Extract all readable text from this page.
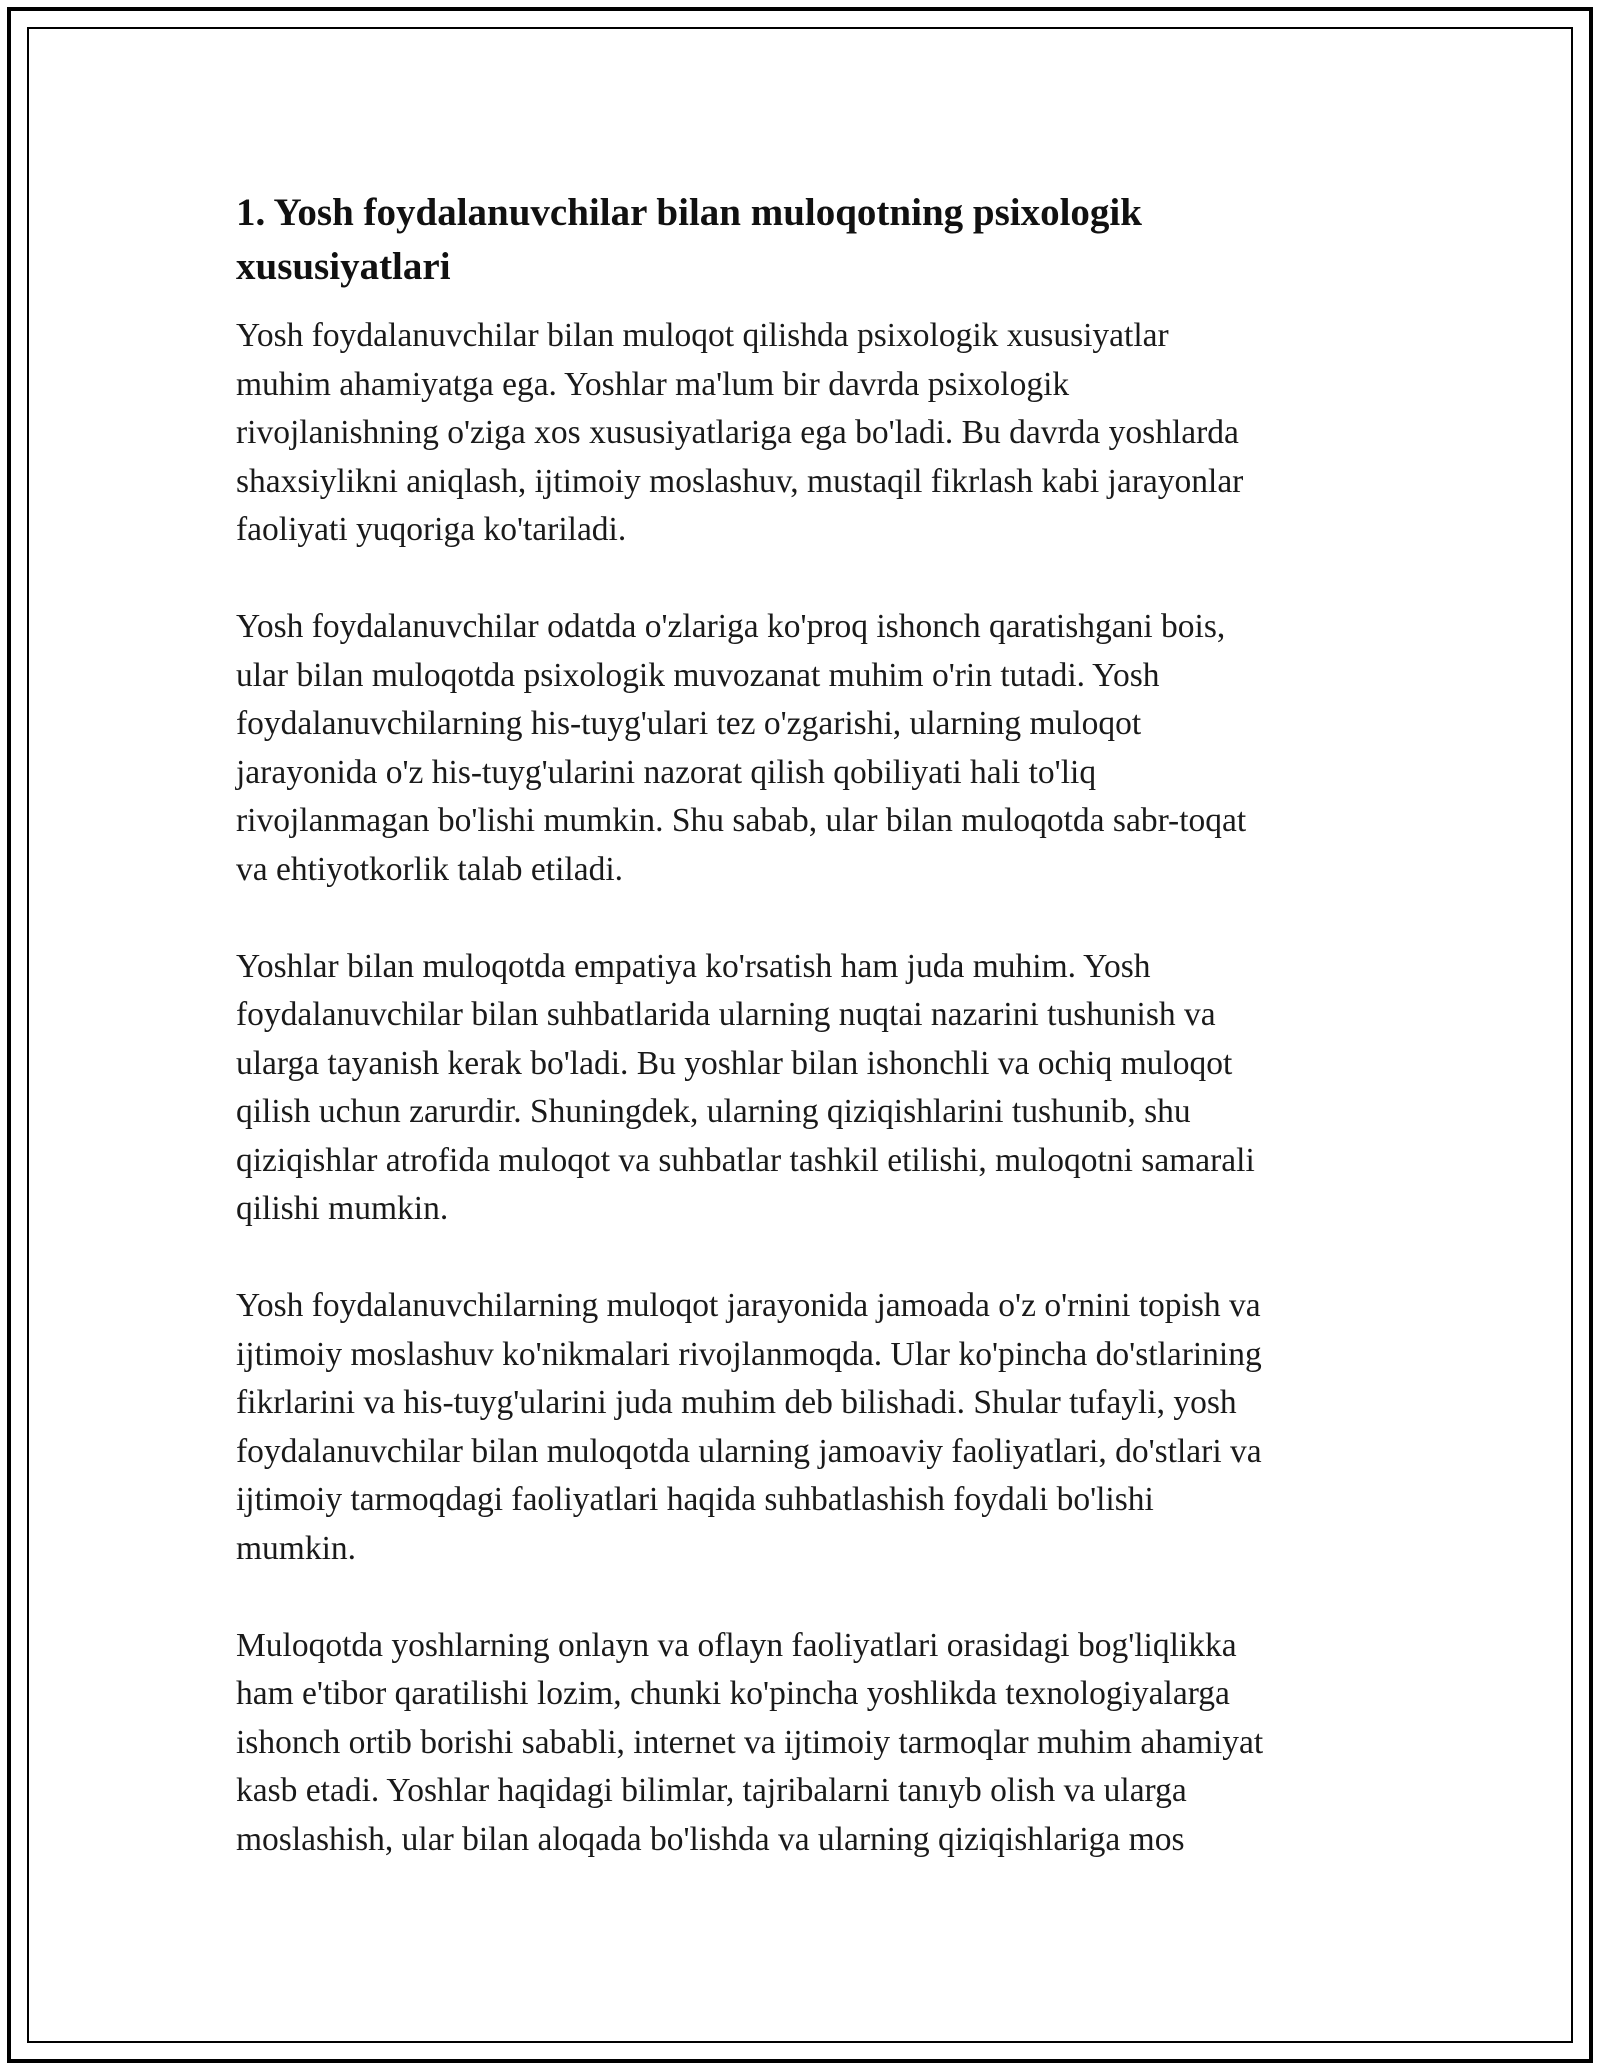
1. Yosh foydalanuvchilar bilan muloqotning psixologik
xususiyatlari

Yosh foydalanuvchilar bilan muloqot qilishda psixologik xususiyatlar
muhim ahamiyatga ega. Yoshlar ma'lum bir davrda psixologik
rivojlanishning o'ziga xos xususiyatlariga ega bo'ladi. Bu davrda yoshlarda
shaxsiylikni aniqlash, ijtimoiy moslashuv, mustaqil fikrlash kabi jarayonlar
faoliyati yuqoriga ko'tariladi.

Yosh foydalanuvchilar odatda o'zlariga ko'proq ishonch qaratishgani bois,
ular bilan muloqotda psixologik muvozanat muhim o'rin tutadi. Yosh
foydalanuvchilarning his-tuyg'ulari tez o'zgarishi, ularning muloqot
jarayonida o'z his-tuyg'ularini nazorat qilish qobiliyati hali to'liq
rivojlanmagan bo'lishi mumkin. Shu sabab, ular bilan muloqotda sabr-toqat
va ehtiyotkorlik talab etiladi.

Yoshlar bilan muloqotda empatiya ko'rsatish ham juda muhim. Yosh
foydalanuvchilar bilan suhbatlarida ularning nuqtai nazarini tushunish va
ularga tayanish kerak bo'ladi. Bu yoshlar bilan ishonchli va ochiq muloqot
qilish uchun zarurdir. Shuningdek, ularning qiziqishlarini tushunib, shu
qiziqishlar atrofida muloqot va suhbatlar tashkil etilishi, muloqotni samarali
qilishi mumkin.

Yosh foydalanuvchilarning muloqot jarayonida jamoada o'z o'rnini topish va
ijtimoiy moslashuv ko'nikmalari rivojlanmoqda. Ular ko'pincha do'stlarining
fikrlarini va his-tuyg'ularini juda muhim deb bilishadi. Shular tufayli, yosh
foydalanuvchilar bilan muloqotda ularning jamoaviy faoliyatlari, do'stlari va
ijtimoiy tarmoqdagi faoliyatlari haqida suhbatlashish foydali bo'lishi
mumkin.

Muloqotda yoshlarning onlayn va oflayn faoliyatlari orasidagi bog'liqlikka
ham e'tibor qaratilishi lozim, chunki ko'pincha yoshlikda texnologiyalarga
ishonch ortib borishi sababli, internet va ijtimoiy tarmoqlar muhim ahamiyat
kasb etadi. Yoshlar haqidagi bilimlar, tajribalarni tanıyb olish va ularga
moslashish, ular bilan aloqada bo'lishda va ularning qiziqishlariga mos
